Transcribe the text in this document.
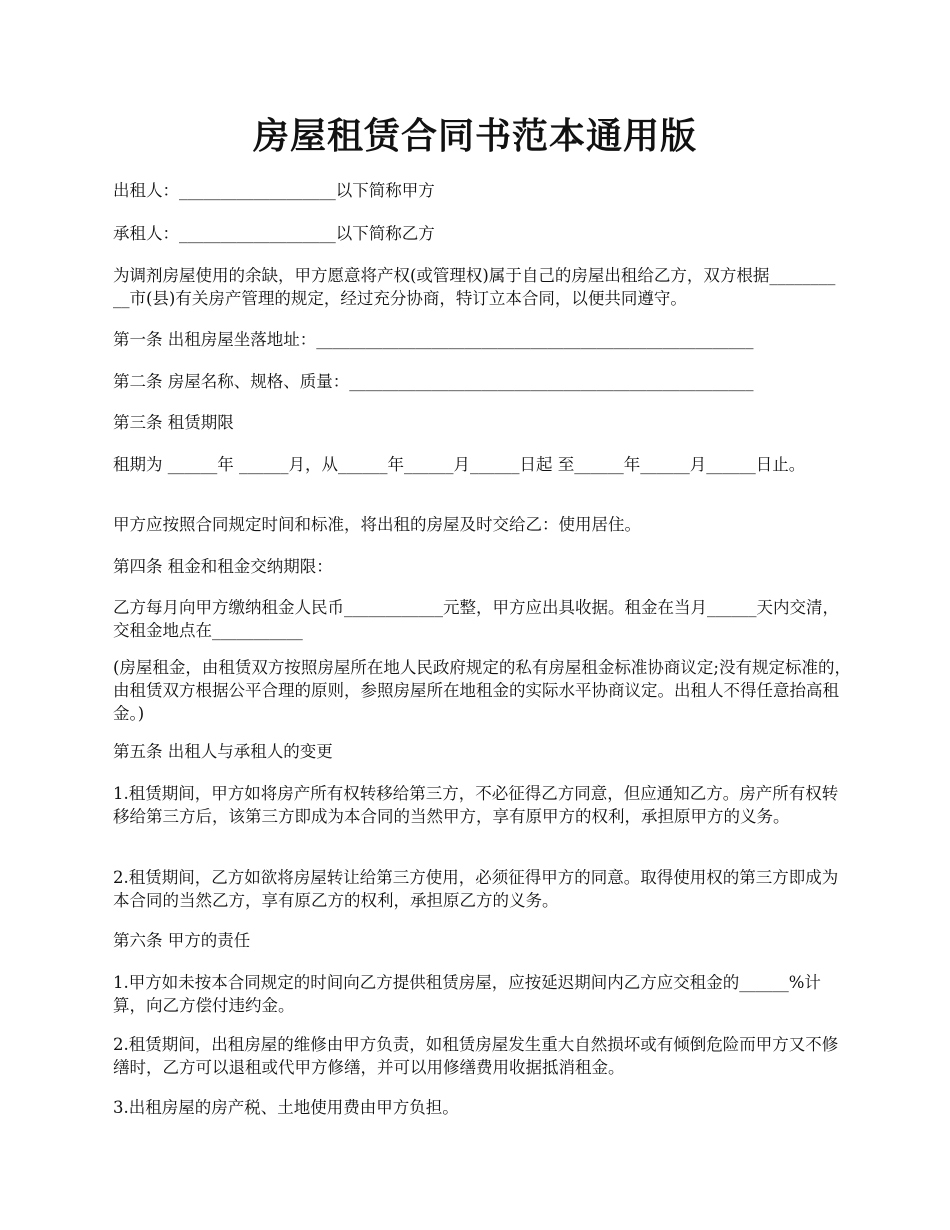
房屋租赁合同书范本通用版

出租人：___________________以下简称甲方

承租人：___________________以下简称乙方

为调剂房屋使用的余缺，甲方愿意将产权(或管理权)属于自己的房屋出租给乙方，双方根据__________市(县)有关房产管理的规定，经过充分协商，特订立本合同，以便共同遵守。

第一条 出租房屋坐落地址：_____________________________________________________

第二条 房屋名称、规格、质量：_________________________________________________

第三条 租赁期限

租期为 ______年 ______月，从______年______月______日起 至______年______月______日止。

甲方应按照合同规定时间和标准，将出租的房屋及时交给乙：使用居住。

第四条 租金和租金交纳期限：

乙方每月向甲方缴纳租金人民币____________元整，甲方应出具收据。租金在当月______天内交清，交租金地点在___________

(房屋租金，由租赁双方按照房屋所在地人民政府规定的私有房屋租金标准协商议定;没有规定标准的，由租赁双方根据公平合理的原则，参照房屋所在地租金的实际水平协商议定。出租人不得任意抬高租金。)

第五条 出租人与承租人的变更

1.租赁期间，甲方如将房产所有权转移给第三方，不必征得乙方同意，但应通知乙方。房产所有权转移给第三方后，该第三方即成为本合同的当然甲方，享有原甲方的权利，承担原甲方的义务。

2.租赁期间，乙方如欲将房屋转让给第三方使用，必须征得甲方的同意。取得使用权的第三方即成为本合同的当然乙方，享有原乙方的权利，承担原乙方的义务。

第六条 甲方的责任

1.甲方如未按本合同规定的时间向乙方提供租赁房屋，应按延迟期间内乙方应交租金的______%计算，向乙方偿付违约金。

2.租赁期间，出租房屋的维修由甲方负责，如租赁房屋发生重大自然损坏或有倾倒危险而甲方又不修缮时，乙方可以退租或代甲方修缮，并可以用修缮费用收据抵消租金。

3.出租房屋的房产税、土地使用费由甲方负担。
